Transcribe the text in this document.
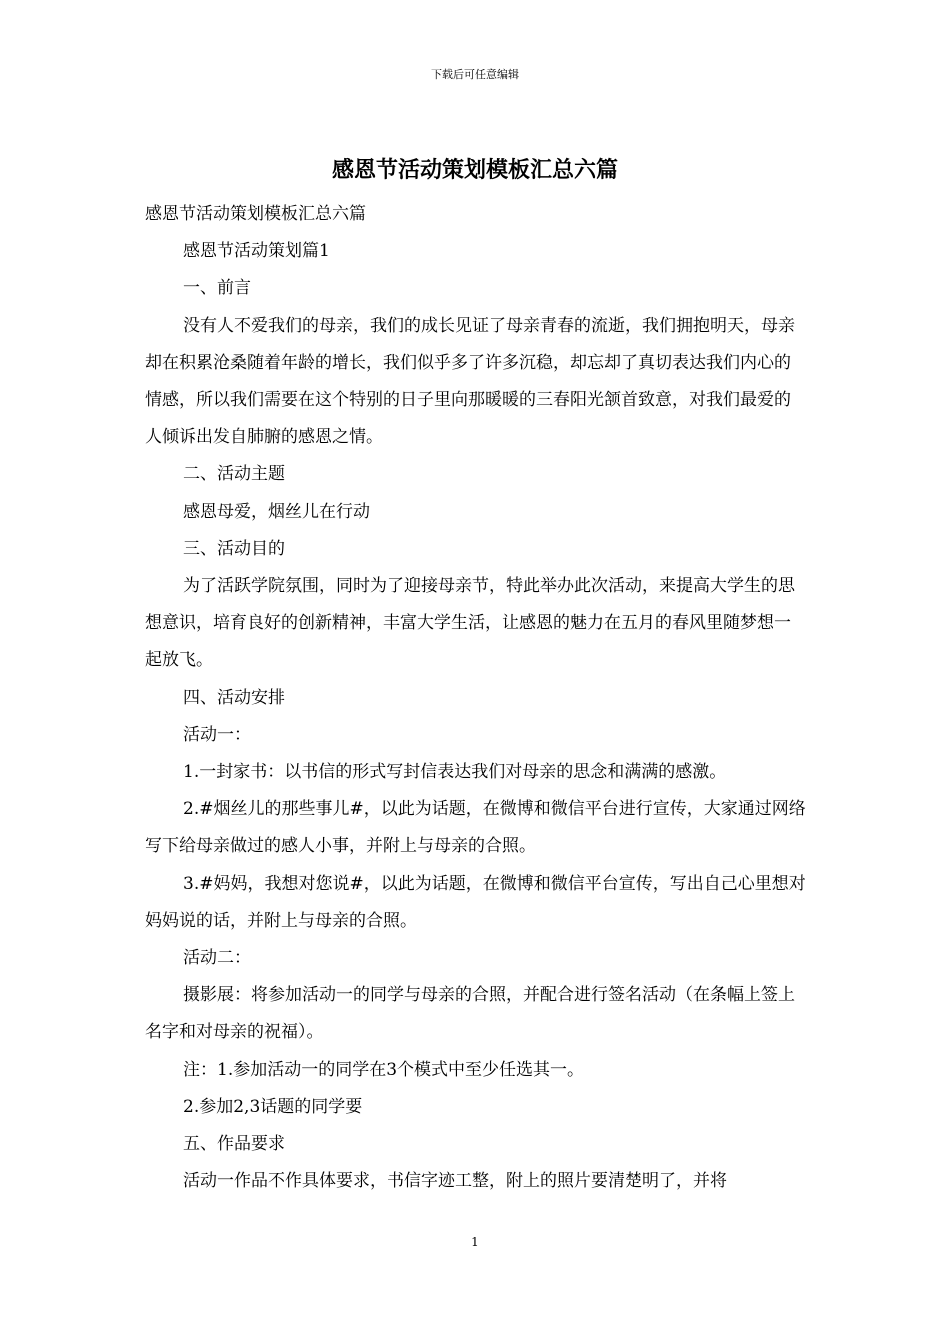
下载后可任意编辑
感恩节活动策划模板汇总六篇

感恩节活动策划模板汇总六篇

感恩节活动策划篇1

一、前言

没有人不爱我们的母亲，我们的成长见证了母亲青春的流逝，我们拥抱明天，母亲却在积累沧桑随着年龄的增长，我们似乎多了许多沉稳，却忘却了真切表达我们内心的情感，所以我们需要在这个特别的日子里向那暖暖的三春阳光颔首致意，对我们最爱的人倾诉出发自肺腑的感恩之情。

二、活动主题

感恩母爱，烟丝儿在行动

三、活动目的

为了活跃学院氛围，同时为了迎接母亲节，特此举办此次活动，来提高大学生的思想意识，培育良好的创新精神，丰富大学生活，让感恩的魅力在五月的春风里随梦想一起放飞。

四、活动安排

活动一：

1.一封家书：以书信的形式写封信表达我们对母亲的思念和满满的感激。

2.#烟丝儿的那些事儿#，以此为话题，在微博和微信平台进行宣传，大家通过网络写下给母亲做过的感人小事，并附上与母亲的合照。

3.#妈妈，我想对您说#，以此为话题，在微博和微信平台宣传，写出自己心里想对妈妈说的话，并附上与母亲的合照。

活动二：

摄影展：将参加活动一的同学与母亲的合照，并配合进行签名活动（在条幅上签上名字和对母亲的祝福）。

注：1.参加活动一的同学在3个模式中至少任选其一。

2.参加2,3话题的同学要

五、作品要求

活动一作品不作具体要求，书信字迹工整，附上的照片要清楚明了，并将

1
